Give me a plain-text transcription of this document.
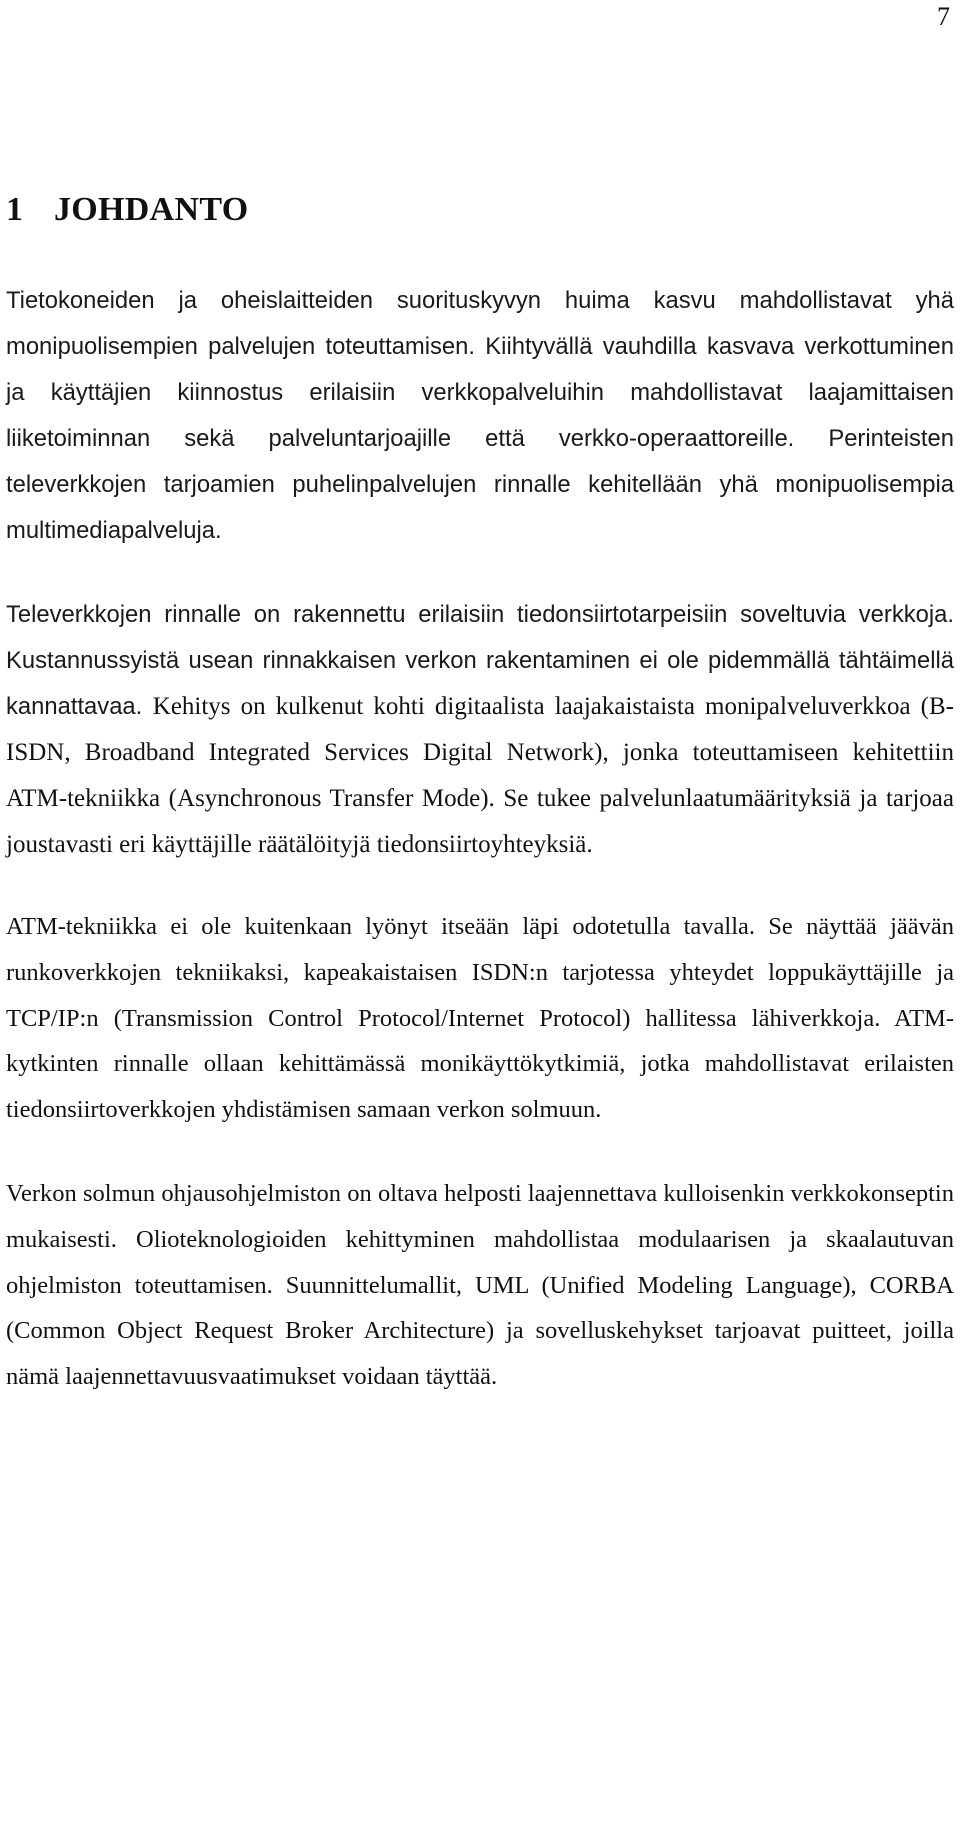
7
1 JOHDANTO

Tietokoneiden ja oheislaitteiden suorituskyvyn huima kasvu mahdollistavat yhä monipuolisempien palvelujen toteuttamisen. Kiihtyvällä vauhdilla kasvava verkottuminen ja käyttäjien kiinnostus erilaisiin verkkopalveluihin mahdollistavat laajamittaisen liiketoiminnan sekä palveluntarjoajille että verkko-operaattoreille. Perinteisten televerkkojen tarjoamien puhelinpalvelujen rinnalle kehitellään yhä monipuolisempia multimediapalveluja.

Televerkkojen rinnalle on rakennettu erilaisiin tiedonsiirtotarpeisiin soveltuvia verkkoja. Kustannussyistä usean rinnakkaisen verkon rakentaminen ei ole pidemmällä tähtäimellä kannattavaa. Kehitys on kulkenut kohti digitaalista laajakaistaista monipalveluverkkoa (B-ISDN, Broadband Integrated Services Digital Network), jonka toteuttamiseen kehitettiin ATM-tekniikka (Asynchronous Transfer Mode). Se tukee palvelunlaatumäärityksiä ja tarjoaa joustavasti eri käyttäjille räätälöityjä tiedonsiirtoyhteyksiä.

ATM-tekniikka ei ole kuitenkaan lyönyt itseään läpi odotetulla tavalla. Se näyttää jäävän runkoverkkojen tekniikaksi, kapeakaistaisen ISDN:n tarjotessa yhteydet loppukäyttäjille ja TCP/IP:n (Transmission Control Protocol/Internet Protocol) hallitessa lähiverkkoja. ATM-kytkinten rinnalle ollaan kehittämässä monikäyttökytkimiä, jotka mahdollistavat erilaisten tiedonsiirtoverkkojen yhdistämisen samaan verkon solmuun.

Verkon solmun ohjausohjelmiston on oltava helposti laajennettava kulloisenkin verkkokonseptin mukaisesti. Olioteknologioiden kehittyminen mahdollistaa modulaarisen ja skaalautuvan ohjelmiston toteuttamisen. Suunnittelumallit, UML (Unified Modeling Language), CORBA (Common Object Request Broker Architecture) ja sovelluskehykset tarjoavat puitteet, joilla nämä laajennettavuusvaatimukset voidaan täyttää.
